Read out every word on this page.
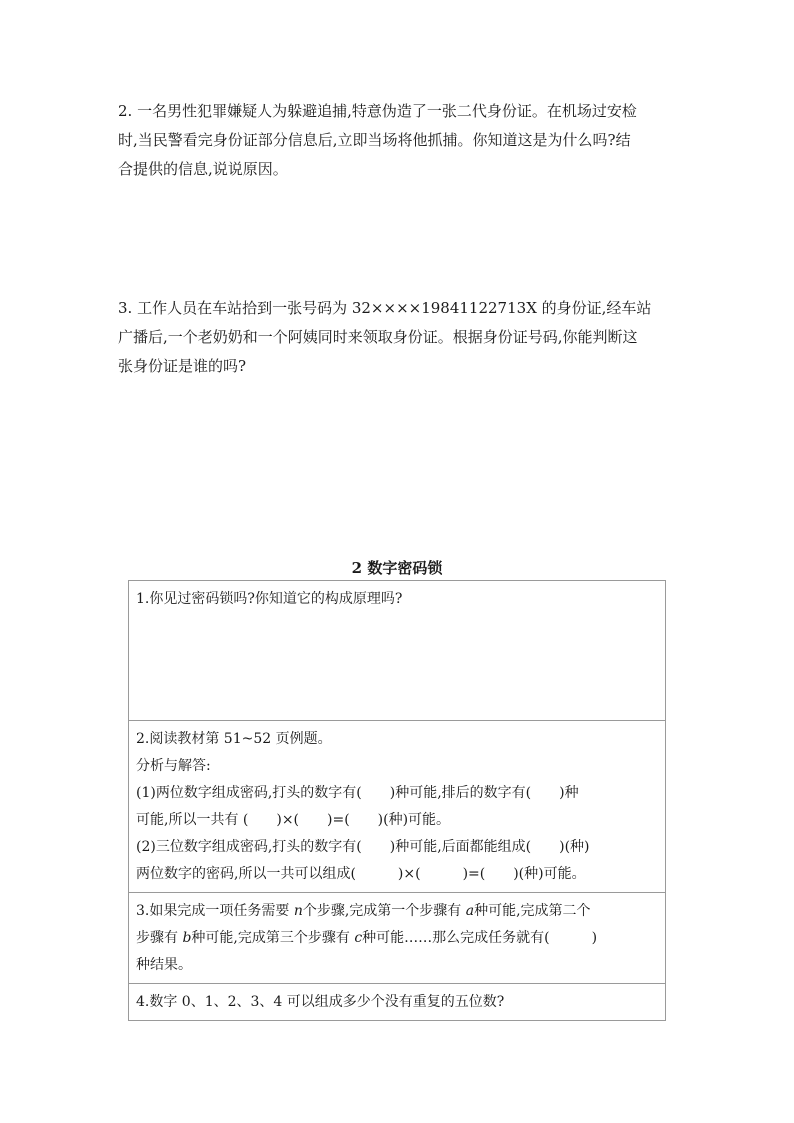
2. 一名男性犯罪嫌疑人为躲避追捕,特意伪造了一张二代身份证。在机场过安检
时,当民警看完身份证部分信息后,立即当场将他抓捕。你知道这是为什么吗?结
合提供的信息,说说原因。
3. 工作人员在车站拾到一张号码为 32××××19841122713X 的身份证,经车站
广播后,一个老奶奶和一个阿姨同时来领取身份证。根据身份证号码,你能判断这
张身份证是谁的吗?
2 数字密码锁
1.你见过密码锁吗?你知道它的构成原理吗?

2.阅读教材第 51~52 页例题。
分析与解答:
(1)两位数字组成密码,打头的数字有(　　)种可能,排后的数字有(　　)种
可能,所以一共有 (　　)×(　　)=(　　)(种)可能。
(2)三位数字组成密码,打头的数字有(　　)种可能,后面都能组成(　　)(种)
两位数字的密码,所以一共可以组成(　　　)×(　　　)=(　　)(种)可能。

3.如果完成一项任务需要 n个步骤,完成第一个步骤有 a种可能,完成第二个
步骤有 b种可能,完成第三个步骤有 c种可能……那么完成任务就有(　　　)
种结果。

4.数字 0、1、2、3、4 可以组成多少个没有重复的五位数?
